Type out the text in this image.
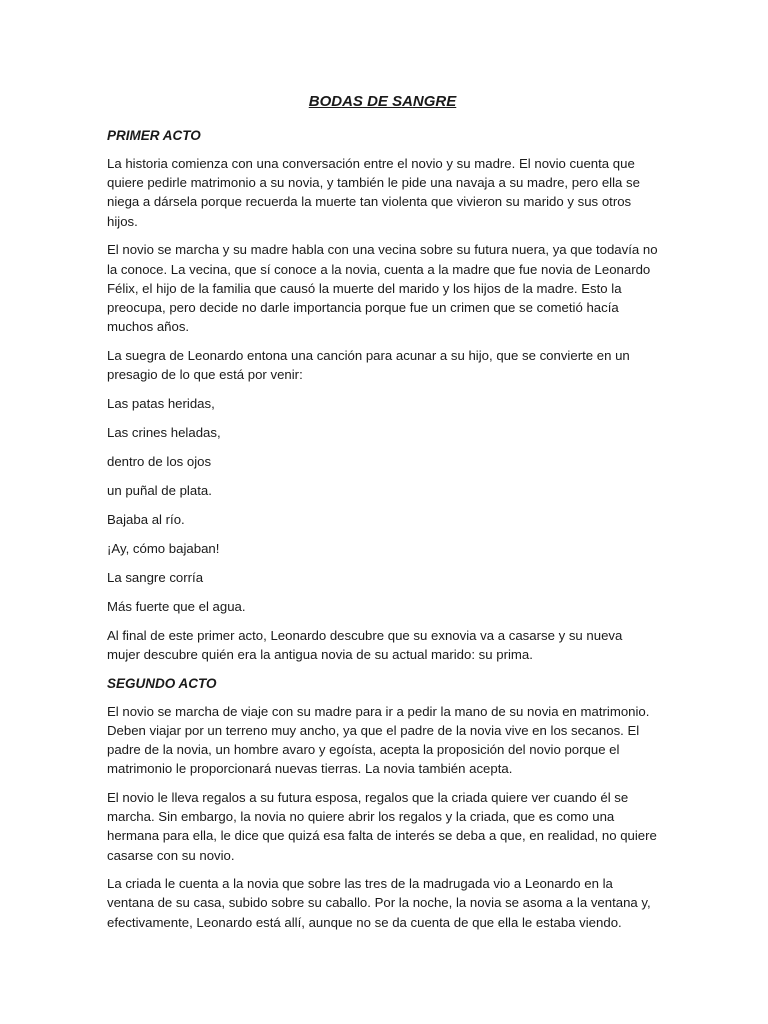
BODAS DE SANGRE
PRIMER ACTO

La historia comienza con una conversación entre el novio y su madre. El novio cuenta que quiere pedirle matrimonio a su novia, y también le pide una navaja a su madre, pero ella se niega a dársela porque recuerda la muerte tan violenta que vivieron su marido y sus otros hijos.

El novio se marcha y su madre habla con una vecina sobre su futura nuera, ya que todavía no la conoce. La vecina, que sí conoce a la novia, cuenta a la madre que fue novia de Leonardo Félix, el hijo de la familia que causó la muerte del marido y los hijos de la madre. Esto la preocupa, pero decide no darle importancia porque fue un crimen que se cometió hacía muchos años.

La suegra de Leonardo entona una canción para acunar a su hijo, que se convierte en un presagio de lo que está por venir:

Las patas heridas,

Las crines heladas,

dentro de los ojos

un puñal de plata.

Bajaba al río.

¡Ay, cómo bajaban!

La sangre corría

Más fuerte que el agua.

Al final de este primer acto, Leonardo descubre que su exnovia va a casarse y su nueva mujer descubre quién era la antigua novia de su actual marido: su prima.

SEGUNDO ACTO

El novio se marcha de viaje con su madre para ir a pedir la mano de su novia en matrimonio. Deben viajar por un terreno muy ancho, ya que el padre de la novia vive en los secanos. El padre de la novia, un hombre avaro y egoísta, acepta la proposición del novio porque el matrimonio le proporcionará nuevas tierras. La novia también acepta.

El novio le lleva regalos a su futura esposa, regalos que la criada quiere ver cuando él se marcha. Sin embargo, la novia no quiere abrir los regalos y la criada, que es como una hermana para ella, le dice que quizá esa falta de interés se deba a que, en realidad, no quiere casarse con su novio.

La criada le cuenta a la novia que sobre las tres de la madrugada vio a Leonardo en la ventana de su casa, subido sobre su caballo. Por la noche, la novia se asoma a la ventana y, efectivamente, Leonardo está allí, aunque no se da cuenta de que ella le estaba viendo.
